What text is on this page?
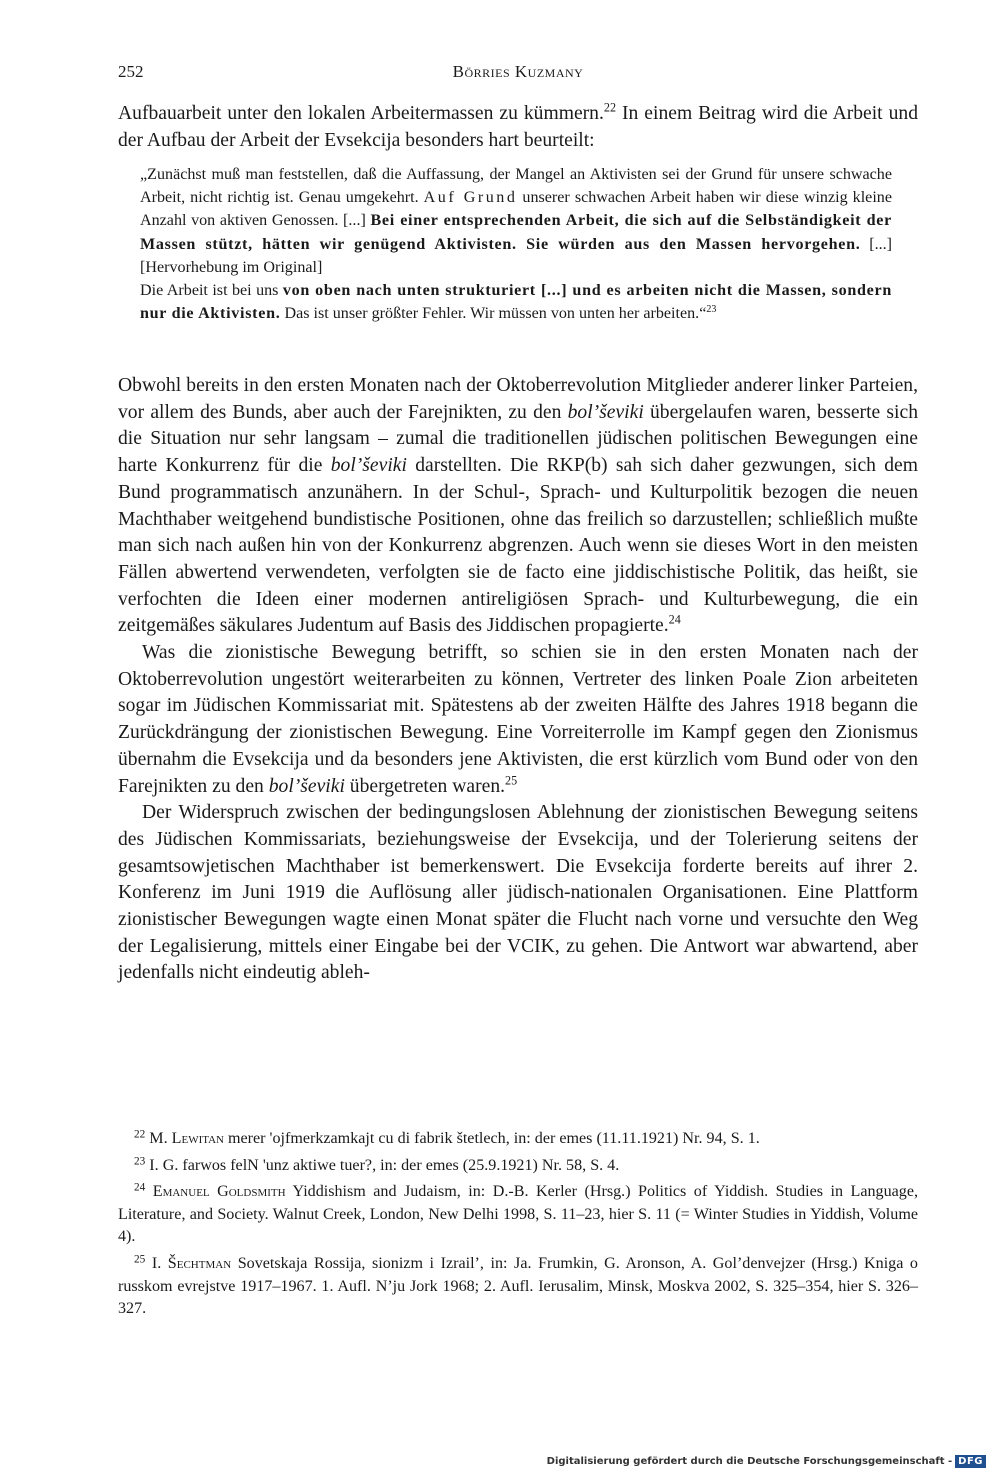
252	Börries Kuzmany

Aufbauarbeit unter den lokalen Arbeitermassen zu kümmern.$^{22}$ In einem Beitrag wird die Arbeit und der Aufbau der Arbeit der Evsekcija besonders hart beurteilt:

„Zunächst muß man feststellen, daß die Auffassung, der Mangel an Aktivisten sei der Grund für unsere schwache Arbeit, nicht richtig ist. Genau umgekehrt. Auf Grund unserer schwachen Arbeit haben wir diese winzig kleine Anzahl von aktiven Genossen. [...] Bei einer entsprechenden Arbeit, die sich auf die Selbständigkeit der Massen stützt, hätten wir genügend Aktivisten. Sie würden aus den Massen hervorgehen. [...] [Hervorhebung im Original]

Die Arbeit ist bei uns von oben nach unten strukturiert [...] und es arbeiten nicht die Massen, sondern nur die Aktivisten. Das ist unser größter Fehler. Wir müssen von unten her arbeiten.“$^{23}$

Obwohl bereits in den ersten Monaten nach der Oktoberrevolution Mitglieder anderer linker Parteien, vor allem des Bunds, aber auch der Farejnikten, zu den bol’ševiki übergelaufen waren, besserte sich die Situation nur sehr langsam – zumal die traditionellen jüdischen politischen Bewegungen eine harte Konkurrenz für die bol’ševiki darstellten. Die RKP(b) sah sich daher gezwungen, sich dem Bund programmatisch anzunähern. In der Schul-, Sprach- und Kulturpolitik bezogen die neuen Machthaber weitgehend bundistische Positionen, ohne das freilich so darzustellen; schließlich mußte man sich nach außen hin von der Konkurrenz abgrenzen. Auch wenn sie dieses Wort in den meisten Fällen abwertend verwendeten, verfolgten sie de facto eine jiddischistische Politik, das heißt, sie verfochten die Ideen einer modernen antireligiösen Sprach- und Kulturbewegung, die ein zeitgemäßes säkulares Judentum auf Basis des Jiddischen propagierte.$^{24}$

Was die zionistische Bewegung betrifft, so schien sie in den ersten Monaten nach der Oktoberrevolution ungestört weiterarbeiten zu können, Vertreter des linken Poale Zion arbeiteten sogar im Jüdischen Kommissariat mit. Spätestens ab der zweiten Hälfte des Jahres 1918 begann die Zurückdrängung der zionistischen Bewegung. Eine Vorreiterrolle im Kampf gegen den Zionismus übernahm die Evsekcija und da besonders jene Aktivisten, die erst kürzlich vom Bund oder von den Farejnikten zu den bol’ševiki übergetreten waren.$^{25}$

Der Widerspruch zwischen der bedingungslosen Ablehnung der zionistischen Bewegung seitens des Jüdischen Kommissariats, beziehungsweise der Evsekcija, und der Tolerierung seitens der gesamtsowjetischen Machthaber ist bemerkenswert. Die Evsekcija forderte bereits auf ihrer 2. Konferenz im Juni 1919 die Auflösung aller jüdisch-nationalen Organisationen. Eine Plattform zionistischer Bewegungen wagte einen Monat später die Flucht nach vorne und versuchte den Weg der Legalisierung, mittels einer Eingabe bei der VCIK, zu gehen. Die Antwort war abwartend, aber jedenfalls nicht eindeutig ableh-

$^{22}$ M. Lewitan merer 'ojfmerkzamkajt cu di fabrik štetlech, in: der emes (11.11.1921) Nr. 94, S. 1.

$^{23}$ I. G. farwos felN 'unz aktiwe tuer?, in: der emes (25.9.1921) Nr. 58, S. 4.

$^{24}$ Emanuel Goldsmith Yiddishism and Judaism, in: D.-B. Kerler (Hrsg.) Politics of Yiddish. Studies in Language, Literature, and Society. Walnut Creek, London, New Delhi 1998, S. 11–23, hier S. 11 (= Winter Studies in Yiddish, Volume 4).

$^{25}$ I. Šechtman Sovetskaja Rossija, sionizm i Izrail’, in: Ja. Frumkin, G. Aronson, A. Gol’denvejzer (Hrsg.) Kniga o russkom evrejstve 1917–1967. 1. Aufl. N’ju Jork 1968; 2. Aufl. Ierusalim, Minsk, Moskva 2002, S. 325–354, hier S. 326–327.

Digitalisierung gefördert durch die Deutsche Forschungsgemeinschaft - DFG
